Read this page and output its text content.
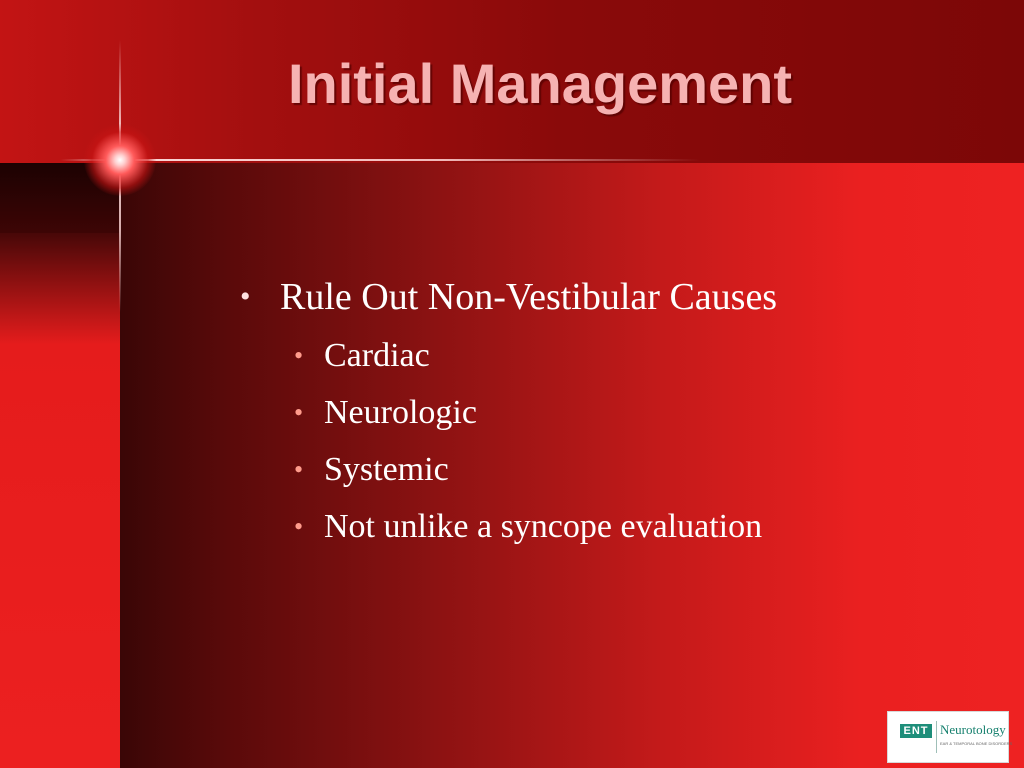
Initial Management
• Rule Out Non-Vestibular Causes
• Cardiac
• Neurologic
• Systemic
• Not unlike a syncope evaluation
ENT Neurotology
EAR & TEMPORAL BONE DISORDERS
